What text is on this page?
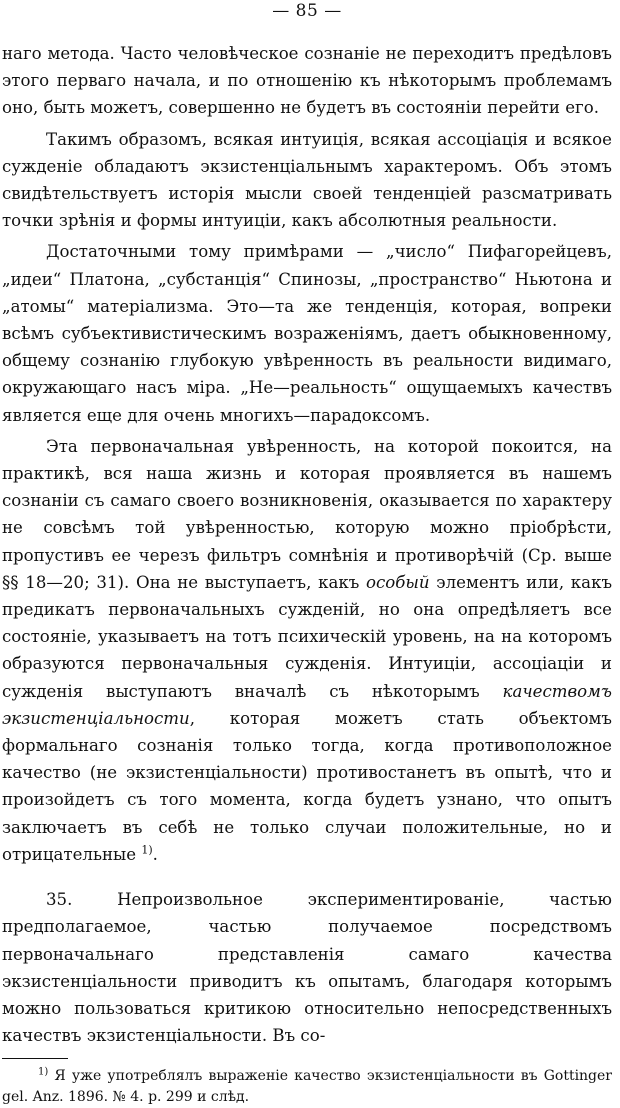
— 85 —

наго метода. Часто человѣческое сознаніе не переходитъ предѣловъ этого перваго начала, и по отношенію къ нѣкоторымъ проблемамъ оно, быть можетъ, совершенно не будетъ въ состояніи перейти его.

Такимъ образомъ, всякая интуиція, всякая ассоціація и всякое сужденіе обладаютъ экзистенціальнымъ характеромъ. Объ этомъ свидѣтельствуетъ исторія мысли своей тенденціей разсматривать точки зрѣнія и формы интуиціи, какъ абсолютныя реальности.

Достаточными тому примѣрами — „число“ Пифагорейцевъ, „идеи“ Платона, „субстанція“ Спинозы, „пространство“ Ньютона и „атомы“ матеріализма. Это—та же тенденція, которая, вопреки всѣмъ субъективистическимъ возраженіямъ, даетъ обыкновенному, общему сознанію глубокую увѣренность въ реальности видимаго, окружающаго насъ міра. „Не—реальность“ ощущаемыхъ качествъ является еще для очень многихъ—парадоксомъ.

Эта первоначальная увѣренность, на которой покоится, на практикѣ, вся наша жизнь и которая проявляется въ нашемъ сознаніи съ самаго своего возникновенія, оказывается по характеру не совсѣмъ той увѣренностью, которую можно пріобрѣсти, пропустивъ ее черезъ фильтръ сомнѣнія и противорѣчій (Ср. выше §§ 18—20; 31). Она не выступаетъ, какъ особый элементъ или, какъ предикатъ первоначальныхъ сужденій, но она опредѣляетъ все состояніе, указываетъ на тотъ психическій уровень, на на которомъ образуются первоначальныя сужденія. Интуиціи, ассоціаціи и сужденія выступаютъ вначалѣ съ нѣкоторымъ качествомъ экзистенціальности, которая можетъ стать объектомъ формальнаго сознанія только тогда, когда противоположное качество (не экзистенціальности) противостанетъ въ опытѣ, что и произойдетъ съ того момента, когда будетъ узнано, что опытъ заключаетъ въ себѣ не только случаи положительные, но и отрицательные $^{1)}$.

35. Непроизвольное экспериментированіе, частью предполагаемое, частью получаемое посредствомъ первоначальнаго представленія самаго качества экзистенціальности приводитъ къ опытамъ, благодаря которымъ можно пользоваться критикою относительно непосредственныхъ качествъ экзистенціальности. Въ со-

$^{1)}$ Я уже употреблялъ выраженіе качество экзистенціальности въ Gottinger gel. Anz. 1896. № 4. p. 299 и слѣд.
